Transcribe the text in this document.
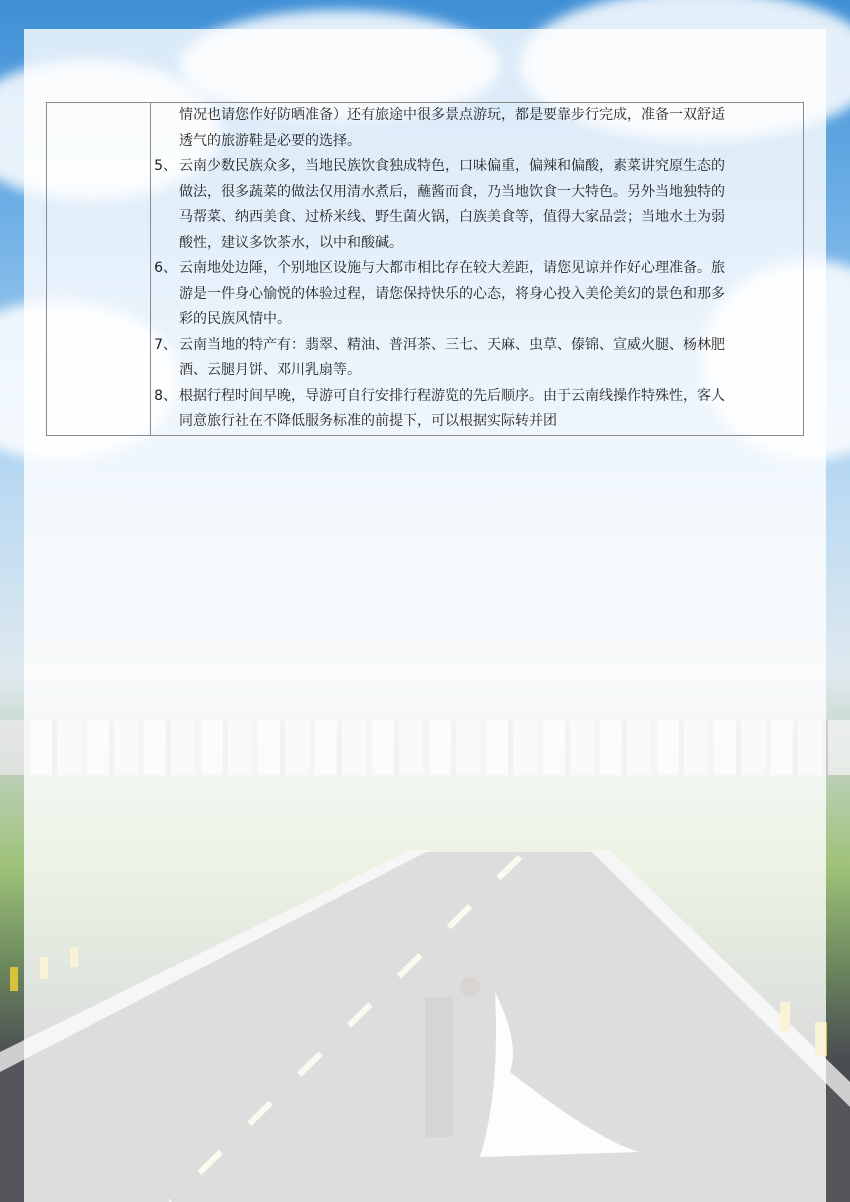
情况也请您作好防晒准备）还有旅途中很多景点游玩，都是要靠步行完成，准备一双舒适
透气的旅游鞋是必要的选择。
5、 云南少数民族众多，当地民族饮食独成特色，口味偏重，偏辣和偏酸，素菜讲究原生态的
做法，很多蔬菜的做法仅用清水煮后，蘸酱而食，乃当地饮食一大特色。另外当地独特的
马帮菜、纳西美食、过桥米线、野生菌火锅，白族美食等，值得大家品尝；当地水土为弱
酸性，建议多饮茶水，以中和酸碱。
6、 云南地处边陲，个别地区设施与大都市相比存在较大差距，请您见谅并作好心理准备。旅
游是一件身心愉悦的体验过程，请您保持快乐的心态，将身心投入美伦美幻的景色和那多
彩的民族风情中。
7、 云南当地的特产有：翡翠、精油、普洱茶、三七、天麻、虫草、傣锦、宣威火腿、杨林肥
酒、云腿月饼、邓川乳扇等。
8、 根据行程时间早晚，导游可自行安排行程游览的先后顺序。由于云南线操作特殊性，客人
同意旅行社在不降低服务标准的前提下，可以根据实际转并团
